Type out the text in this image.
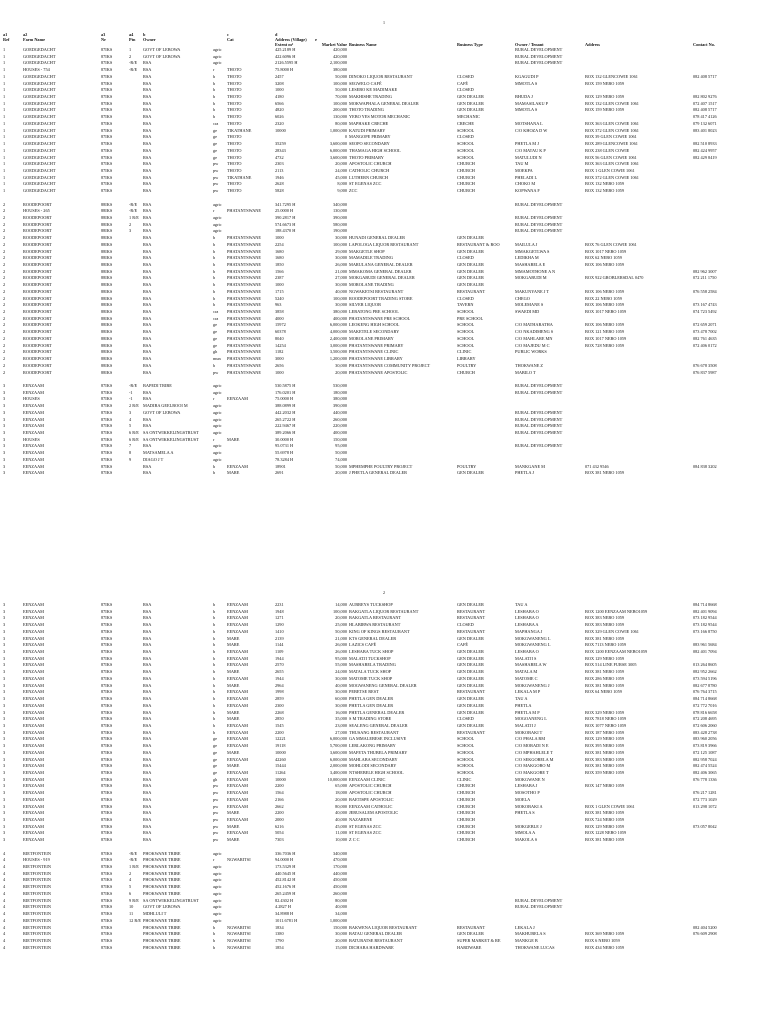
1
a1	a2		a3	a4	b		c	d						
Ref	Farm Name		Nr	Ptn	Owner		Cat	Address (Village)	e					
								Extent m²	Market Value	Business Name	Business Type	Owner / Tenant	Address	Contact No.
1	GOEDGEDACHT		87IKS	1	GOVT OF LEBOWA	agric		425.2189 H	420,000			BURAL DEVELOPMENT		
1	GOEDGEDACHT		87IKS	2	GOVT OF LEBOWA	agric		422.6096 H	420,000			RURAL DEVELOPMENT		
1	GOEDGEDACHT		87IKS	-R/E	RSA	agric		2126.5595 H	2,100,000			RURAL DEVELOPMENT		
1	HOUSES - 754		87IKS	-R/E	RSA	r	THOTO	75.8000 H	380,000					
1	GOEDGEDACHT		87IKS		RSA	b	THOTO	2457	50,000	DINOKO LIQUOR RESTAURANT	CLOSED	KGAGUDI P	BOX 132 GLENCOWIE 1061	082 408 5717
1	GOEDGEDACHT		87IKS		RSA	b	THOTO	3208	100,000	SEGWELO CAFÉ	CAFÉ	MMOTLA S	BOX 159 NEBO 1059	
1	GOEDGEDACHT		87IKS		RSA	b	THOTO	1000	50,000	LESEBO KE MADIMAKE	CLOSED			
1	GOEDGEDACHT		87IKS		RSA	b	THOTO	4180	70,000	MAKHISHE TRADING	GEN DEALER	BHUDA J	BOX 129 NEBO 1059	082 802 9276
1	GOEDGEDACHT		87IKS		RSA	b	THOTO	6566	100,000	MOKWAPHALA GENERAL DEALER	GEN DEALER	MAMASILAKU P	BOX 132 GLEN COWIE 1061	072 407 1517
1	GOEDGEDACHT		87IKS		RSA	b	THOTO	4820	200,000	THOTO TRADING	GEN DEALER	MMOTLA S	BOX 159 NEBO 1059	082 408 5717
1	GOEDGEDACHT		87IKS		RSA	b	THOTO	6026	130,000	YEBO YES MOTOR MECHANIC	MECHANIC			078 417 4126
1	GOEDGEDACHT		87IKS		RSA	cra	THOTO	2320	80,000	MAPHAKE CRECHE	CRECHE	MOTSHANA L	BOX 363 GLEN COWIE 1061	079 132 6071
1	GOEDGEDACHT		87IKS		RSA	ge	TIKATHANE	10000	1,000,000	KATUDI PRIMARY	SCHOOL	C/O KHOZA D W	BOX 372 GLEN COWIE 1061	083 401 8023
1	GOEDGEDACHT		87IKS		RSA	ge	THOTO		0	MANGOPE PRIMARY	CLOSED		BOX 39 GLEN COWIE 1061	
1	GOEDGEDACHT		87IKS		RSA	ge	THOTO	35259	3,600,000	SEOPO SECONDARY	SCHOOL	PHETLA M J	BOX 289 GLENCOWIE 1061	082 510 8933
1	GOEDGEDACHT		87IKS		RSA	ge	THOTO	28343	6,000,000	THAMAGA HIGH SCHOOL	SCHOOL	C/O MATAU K P	BOX 238 GLEN COWIE	082 424 9957
1	GOEDGEDACHT		87IKS		RSA	ge	THOTO	4732	3,600,000	THOTO PRIMARY	SCHOOL	MATULUDI N	BOX 56 GLEN COWIE 1061	082 429 8419
1	GOEDGEDACHT		87IKS		RSA	pw	THOTO	2303	20,000	APOSTOLIC CHURCH	CHURCH	TAU M	BOX 363 GLEN COWIE 1061	
1	GOEDGEDACHT		87IKS		RSA	pw	THOTO	2113	24,000	CATHOLIC CHURCH	CHURCH	MOEKPA	BOX 1 GLEN COWIE 1061	
1	GOEDGEDACHT		87IKS		RSA	pw	TIKATHANE	1946	45,000	LUTHERN CHURCH	CHURCH	PHELADI L	BOX 372 GLEN COWIE 1061	
1	GOEDGEDACHT		87IKS		RSA	pw	THOTO	2628	8,000	ST EGENAS ZCC	CHURCH	CHOKO M	BOX 132 NEBO 1059	
1	GOEDGEDACHT		87IKS		RSA	pw	THOTO	5828	9,000	ZCC	CHURCH	KOPWANA F	BOX 132 NEBO 1059	

2	ROODEPOORT		88IKS	-R/E	RSA	agric		341.7295 H	340,000			RURAL DEVELOPMENT		
2	HOUSES - 265		88IKS	-R/E	RSA	r	PHATANTSWANE	25.0000 H	130,000					
2	ROODEPOORT		88IKS	1 R/E	RSA	agric		390.2817 H	390,000			RURAL DEVELOPMENT		
2	ROODEPOORT		88IKS	2	RSA	agric		574.6673 H	580,000			RURAL DEVELOPMENT		
2	ROODEPOORT		88IKS	3	RSA	agric		188.4370 H	190,000			RURAL DEVELOPMENT		
2	ROODEPOORT		88IKS		RSA	b	PHATANTSWANE	1000	30,000	HUNADI GENERAL DEALER	GEN DEALER			
2	ROODEPOORT		88IKS		RSA	b	PHATANTSWANE	2254	100,000	LAPOLOGA LIQUOR RESTAURANT	RESTAURANT & ROO	MAILULA J	BOX 76 GLEN COWIE 1061	
2	ROODEPOORT		88IKS		RSA	b	PHATANTSWANE	1680	29,000	MAKGETLE SHOP	GEN DEALER	MMAKGETLWA S	BOX 1017 NEBO 1059	
2	ROODEPOORT		88IKS		RSA	b	PHATANTSWANE	1680	30,000	MAMADILE TRADING	CLOSED	LEDIKHA M	BOX 62 NEBO 1059	
2	ROODEPOORT		88IKS		RSA	b	PHATANTSWANE	1850	26,000	MARULANA GENERAL DEALER	GEN DEALER	MASHABELA E	BOX 106 NEBO 1059	
2	ROODEPOORT		88IKS		RSA	b	PHATANTSWANE	1566	21,000	MMAKOMA GENERAL DEALER	GEN DEALER	MMAMOTHONE A N		082 962 3007
2	ROODEPOORT		88IKS		RSA	b	PHATANTSWANE	2387	27,000	MOKGABUDI GENERAL DEALER	GEN DEALER	MOKGABUDI M	BOX 922 GROBLERSDAL 0470	072 211 1750
2	ROODEPOORT		88IKS		RSA	b	PHATANTSWANE	1000	30,000	MOROLANE TRADING	GEN DEALER			
2	ROODEPOORT		88IKS		RSA	b	PHATANTSWANE	1715	40,000	NGWAKETSI RESTAURANT	RESTAURANT	MAKUNYANE J T	BOX 106 NEBO 1059	076 558 2584
2	ROODEPOORT		88IKS		RSA	b	PHATANTSWANE	5240	100,000	ROODEPOORT TRADING STORE	CLOSED	CHEGO	BOX 22 NEBO 1059	
2	ROODEPOORT		88IKS		RSA	b	PHATANTSWANE	963	30,000	SILVER LIQUOR	TAVERN	MOLEMANE S	BOX 106 NEBO 1059	073 167 4743
2	ROODEPOORT		88IKS		RSA	cra	PHATANTSWANE	3858	380,000	LEBATONG PRE SCHOOL	SCHOOL	SWAEDI MD	BOX 1017 NEBO 1059	074 723 5492
2	ROODEPOORT		88IKS		RSA	cra	PHATANTSWANE	4000	400,000	PHATANTSWANE PRE SCHOOL	PRE SCHOOL			
2	ROODEPOORT		88IKS		RSA	ge	PHATANTSWANE	15972	6,000,000	LEOKENG HIGH SCHOOL	SCHOOL	C/O MATHABATHA	BOX 106 NEBO 1059	072 659 2071
2	ROODEPOORT		88IKS		RSA	ge	PHATANTSWANE	60378	4,000,000	MAKETELE SECONDARY	SCHOOL	C/O NKADIMENG S	BOX 121 NEBO 1059	073 478 7002
2	ROODEPOORT		88IKS		RSA	ge	PHATANTSWANE	8040	2,400,000	MOROLANE PRIMARY	SCHOOL	C/O MAHLARE MN	BOX 1017 NEBO 1059	082 761 4635
2	ROODEPOORT		88IKS		RSA	ge	PHATANTSWANE	14254	3,000,000	PHATANTSWANE PRIMARY	SCHOOL	C/O MAJEDU M C	BOX 728 NEBO 1059	072 406 0172
2	ROODEPOORT		88IKS		RSA	gh	PHATANTSWANE	1182	3,500,000	PHATANTSWANE CLINIC	CLINIC	PUBLIC WORKS		
2	ROODEPOORT		88IKS		RSA	mun	PHATANTSWANE	3000	1,200,000	PHATANTSWANE LIBRARY	LIBRARY			
2	ROODEPOORT		88IKS		RSA	b	PHATANTSWANE	2656	30,000	PHATANTSWANE COMMUNITY PROJECT	POULTRY	THOKWANE Z		076 678 3508
2	ROODEPOORT		88IKS		RSA	pw	PHATANTSWANE	1000	20,000	PHATANTSWANE APOSTOLIC	CHURCH	MABILO T		076 837 5987

3	EENZAAM		87IKS	-R/E	BAPEDI TRIBE	agric		530.5875 H	530,000			RURAL DEVELOPMENT		
3	EENZAAM		87IKS	-1	RSA	agric		176.0201 H	180,000			RURAL DEVELOPMENT		
3	HOUSES		87IKS	-1	RSA	r	EENZAAM	75.0000 H	380,000					
3	EENZAAM		87IKS	2 R/E	MADIBA GEELBOOI M	agric		388.0899 H	390,000					
3	EENZAAM		87IKS	3	GOVT OF LEBOWA	agric		442.2032 H	440,000			RURAL DEVELOPMENT		
3	EENZAAM		87IKS	4	RSA	agric		265.2722 H	260,000			RURAL DEVELOPMENT		
3	EENZAAM		87IKS	5	RSA	agric		222.9467 H	220,000			RURAL DEVELOPMENT		
3	EENZAAM		87IKS	6 R/E	SA ONTWIKKELINGSTRUST	agric		389.2066 H	400,000			RURAL DEVELOPMENT		
3	HOUSES		87IKS	6 R/E	SA ONTWIKKELINGSTRUST	r	MARE	30.0000 H	150,000					
3	EENZAAM		87IKS	7	RSA	agric		95.0731 H	95,000			RURAL DEVELOPMENT		
3	EENZAAM		87IKS	8	MATSAMELA A	agric		55.6978 H	50,000					
3	EENZAAM		87IKS	9	DIAGO J T	agric		78.3284 H	74,000					
3	EENZAAM		87IKS		RSA	b	EENZAAM	18901	50,000	MPHEMPHE POULTRY PROJECT	POULTRY	MANKGANE M	071 432 9546	084 838 3202
3	EENZAAM		87IKS		RSA	b	MARE	2691	20,000	J PHETLA GENERAL DEALER	GEN DEALER	PHETLA J	BOX 381 NEBO 1059	
2
3	EENZAAM		87IKS		RSA	b	EENZAAM	2231	14,000	AUBREYS TUCKSHOP	GEN DEALER	TAU A		084 714 8668
3	EENZAAM		87IKS		RSA	b	EENZAAM	1948	100,000	BAKGATLA LIQUOR RESTAURANT	RESTAURANT	LESHABA O	BOX 1200 EENZAAM NEBO1059	082 401 9094
3	EENZAAM		87IKS		RSA	b	EENZAAM	1271	20,000	BAKGATLA RESTAURANT	RESTAURANT	LESHABA O	BOX 383 NEBO 1059	073 182 9544
3	EENZAAM		87IKS		RSA	b	EENZAAM	1290	25,000	HLABIRWA RESTAURANT	CLOSED	LESHABA A	BOX 383 NEBO 1059	073 182 9544
3	EENZAAM		87IKS		RSA	b	EENZAAM	1410	50,000	KING OF KINGS RESTAURANT	RESTAURANT	MAPHANGA J	BOX 329 GLEN COWIE 1061	073 166 8750
3	EENZAAM		87IKS		RSA	b	MARE	2139	21,000	KTS GENERAL DEALER	GEN DEALER	MOKGWANENG L	BOX 381 NEBO 1059	
3	EENZAAM		87IKS		RSA	b	MARE	1144	26,000	LAZICS CAFÉ	CAFÉ	MOKGWANENG L	BOX 7113 NEBO 1059	083 961 5684
3	EENZAAM		87IKS		RSA	b	EENZAAM	1109	26,000	LESHABA TUCK SHOP	GEN DEALER	LESHABA O	BOX 1200 EENZAAM NEBO1059	082 401 7094
3	EENZAAM		87IKS		RSA	b	EENZAAM	1944	95,000	MALATJI TUCKSHOP	GEN DEALER	MALATJI S	BOX 129 NEBO 1059	
3	EENZAAM		87IKS		RSA	b	EENZAAM	2570	55,000	MASHABELA TRADING	GEN DEALER	MASHABELA W	BOX 514 LINE FURSE 3005	013 264 8605
3	EENZAAM		87IKS		RSA	b	MARE	2655	24,000	MATALA TUCK SHOP	GEN DEALER	MATALA M	BOX 381 NEBO 1059	082 952 2662
3	EENZAAM		87IKS		RSA	b	EENZAAM	1944	30,000	MATOME TUCK SHOP	GEN DEALER	MATOME C	BOX 286 NEBO 1059	073 594 5196
3	EENZAAM		87IKS		RSA	b	MARE	2964	40,000	MOGWANENG GENERAL DEALER	GEN DEALER	MOKGWANENG J	BOX 381 NEBO 1059	082 677 8780
3	EENZAAM		87IKS		RSA	b	EENZAAM	1998	30,000	PEBETSE REST	RESTAURANT	LEKALA M P	BOX 64 NEBO 1059	076 764 3715
3	EENZAAM		87IKS		RSA	b	EENZAAM	2859	60,000	PHETLA GEN DEALER	GEN DEALER	TAU A		084 714 8668
3	EENZAAM		87IKS		RSA	b	EENZAAM	2300	30,000	PHETLA GEN DEALER	GEN DEALER	PHETLA		072 772 7016
3	EENZAAM		87IKS		RSA	b	MARE	2268	16,000	PHETLA GENERAL DEALER	GEN DEALER	PHETLA M P	BOX 329 NEBO 1059	078 816 6658
3	EENZAAM		87IKS		RSA	b	MARE	2850	35,000	S M TRADING STORE	CLOSED	MOGOANENG L	BOX 7818 NEBO 1059	072 208 4695
3	EENZAAM		87IKS		RSA	b	EENZAAM	1545	23,000	SEALENG GENERAL DEALER	GEN DEALER	MALATJI J	BOX 1077 NEBO 1059	072 606 2060
3	EENZAAM		87IKS		RSA	b	EENZAAM	2200	27,000	THUSANG RESTAURANT	RESTAURANT	MOKOBAKI T	BOX 187 NEBO 1059	083 428 2738
3	EENZAAM		87IKS		RSA	ge	EENZAAM	12221	6,000,000	GA MMALEBESE INCLUSIVE	SCHOOL	C/O PHALA RM	BOX 129 NEBO 1059	083 960 2056
3	EENZAAM		87IKS		RSA	ge	EENZAAM	19118	5,700,000	LERLAKONG PRIMARY	SCHOOL	C/O MORADI N E	BOX 395 NEBO 1059	073 819 3966
3	EENZAAM		87IKS		RSA	ge	MARE	10000	3,600,000	MAFETA THUBELA PRIMARY	SCHOOL	C/O MPHAHLELE T	BOX 381 NEBO 1059	072 125 1087
3	EENZAAM		87IKS		RSA	ge	EENZAAM	42260	6,000,000	MAHLABA SECONDARY	SCHOOL	C/O SEKGOBELA M	BOX 383 NEBO 1059	082 958 7024
3	EENZAAM		87IKS		RSA	ge	MARE	15444	2,000,000	MOHLODI SECONDARY	SCHOOL	C/O MAKGOBO M	BOX 381 NEBO 1059	082 474 5524
3	EENZAAM		87IKS		RSA	ge	EENZAAM	11264	3,400,000	NTSHEBELE HIGH SCHOOL	SCHOOL	C/O MAKGOBE T	BOX 359 NEBO 1059	082 406 3065
3	EENZAAM		87IKS		RSA	gh	EENZAAM	10000	10,000,000	EENZAAM CLINIC	CLINIC	MOKGWANE N		076 778 1336
3	EENZAAM		87IKS		RSA	pw	EENZAAM	2200	65,000	APOSTOLIC CHURCH	CHURCH	LESHABA J	BOX 147 NEBO 1059	
3	EENZAAM		87IKS		RSA	pw	EENZAAM	1564	18,000	APOSTOLIC CHURCH	CHURCH	MOSOTHO P		076 217 1281
3	EENZAAM		87IKS		RSA	pw	EENZAAM	2166	20,000	BAETISPE APOSTOLIC	CHURCH	MOELA		072 773 1029
3	EENZAAM		87IKS		RSA	pw	EENZAAM	2662	80,000	EENZAAM CATHOLIC	CHURCH	MOKOBAKI A	BOX 1 GLEN COWIE 1061	013 298 1072
3	EENZAAM		87IKS		RSA	pw	MARE	2200	40,000	JERUSALEM APOSTOLIC	CHURCH	PHETLA S	BOX 381 NEBO 1059	
3	EENZAAM		87IKS		RSA	pw	EENZAAM	2000	40,000	NAZARENE	CHURCH		BOX 724 NEBO 1059	
3	EENZAAM		87IKS		RSA	pw	MARE	6216	45,000	ST EGENAS ZCC	CHURCH	MOKGEBLE J	BOX 129 NEBO 1059	073 057 8042
3	EENZAAM		87IKS		RSA	pw	EENZAAM	5054	11,000	ST EGENAS ZCC	CHURCH	MMOLA A	BOX 1228 NEBO 1059	
3	EENZAAM		87IKS		RSA	pw	MARE	7303	10,000	Z C C	CHURCH	MAKOLA S	BOX 381 NEBO 1059	

4	RIETFONTEIN		87IKS	-R/E	PHOKWANE TRIBE	agric		336.7036 H	340,000					
4	HOUSES - 919		87IKS	-R/E	PHOKWANE TRIBE	r	NGWARITSI	94.0000 H	470,000					
4	RIETFONTEIN		87IKS	1 R/E	PHOKWANE TRIBE	agric		173.5329 H	170,000					
4	RIETFONTEIN		87IKS	2	PHOKWANE TRIBE	agric		440.5645 H	440,000					
4	RIETFONTEIN		87IKS	4	PHOKWANE TRIBE	agric		452.8142 H	450,000					
4	RIETFONTEIN		87IKS	5	PHOKWANE TRIBE	agric		452.1676 H	450,000					
4	RIETFONTEIN		87IKS	6	PHOKWANE TRIBE	agric		265.2459 H	260,000					
4	RIETFONTEIN		87IKS	9 R/E	SA ONTWIKKELINGSTRUST	agric		82.4302 H	80,000			RURAL DEVELOPMENT		
4	RIETFONTEIN		87IKS	10	GOVT OF LEBOWA	agric		4.2827 H	40,000			RURAL DEVELOPMENT		
4	RIETFONTEIN		87IKS	11	MDHLULI T	agric		34.8988 H	34,000					
4	RIETFONTEIN		87IKS	12 R/E	PHOKWANE TRIBE	agric		1011.6781 H	1,000,000					
4	RIETFONTEIN		87IKS		PHOKWANE TRIBE	b	NGWARITSI	1834	150,000	BAKWENA LIQUOR RESTAURANT	RESTAURANT	LEKALA J		082 404 5200
4	RIETFONTEIN		87IKS		PHOKWANE TRIBE	b	NGWARITSI	1380	30,000	BATAU GENERAL DEALER	GEN DEALER	MAKHUBELA S	BOX 369 NEBO 1059	076 609 2908
4	RIETFONTEIN		87IKS		PHOKWANE TRIBE	b	NGWARITSI	1790	20,000	BATUBATSE RESTAURANT	SUPER MARKET & RE	MANKGE B	BOX 6 NEBO 1059	
4	RIETFONTEIN		87IKS		PHOKWANE TRIBE	b	NGWARITSI	1854	15,000	DICHABA HARDWARE	HARDWARE	THOKWANE LUCAS	BOX 434 NEBO 1059	
